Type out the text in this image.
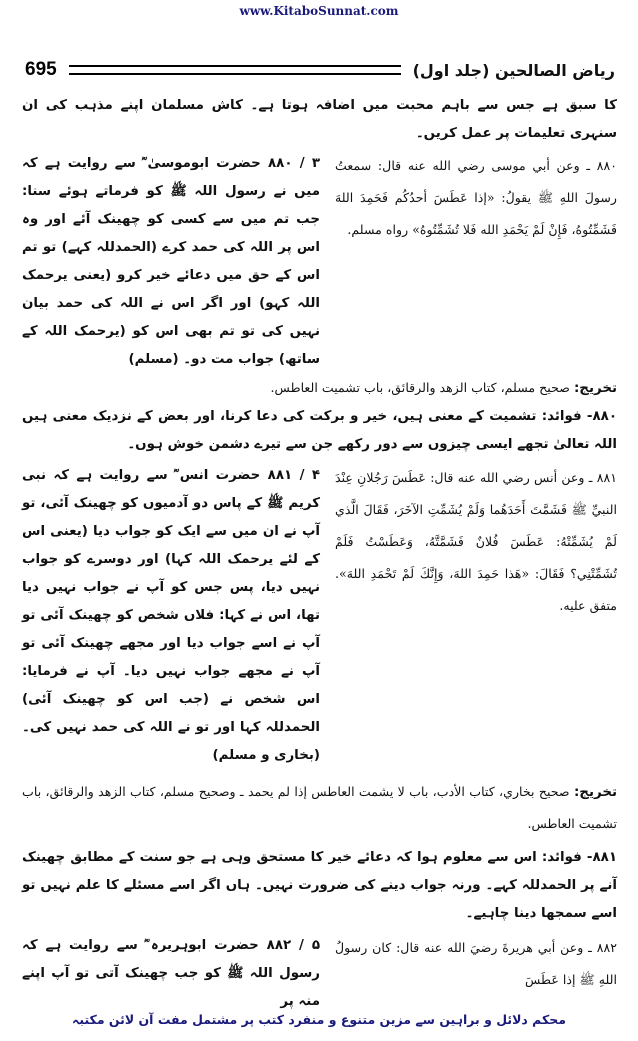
www.KitaboSunnat.com
695	ریاض الصالحین (جلد اول)
کا سبق ہے جس سے باہم محبت میں اضافہ ہوتا ہے۔ کاش مسلمان اپنے مذہب کی ان سنہری تعلیمات پر عمل کریں۔
۳ / ۸۸۰ حضرت ابوموسیٰ ؓ سے روایت ہے کہ میں نے رسول اللہ ﷺ کو فرماتے ہوئے سنا: جب تم میں سے کسی کو چھینک آئے اور وہ اس پر اللہ کی حمد کرے (الحمدللہ کہے) تو تم اس کے حق میں دعائے خیر کرو (یعنی یرحمک اللہ کہو) اور اگر اس نے اللہ کی حمد بیان نہیں کی تو تم بھی اس کو (یرحمک اللہ کے ساتھ) جواب مت دو۔ (مسلم)
٨٨٠ ـ وعن أبي موسى رضي الله عنه قال: سمعتُ رسولَ اللهِ ﷺ يقولُ: «إذا عَطَسَ أحدُكُم فَحَمِدَ اللهَ فَشَمِّتُوهُ، فَإِنْ لَمْ يَحْمَدِ الله فَلا تُشَمِّتُوهُ» رواه مسلم.
تخریج: صحيح مسلم، كتاب الزهد والرقائق، باب تشميت العاطس.
۸۸۰- فوائد: تشمیت کے معنی ہیں، خیر و برکت کی دعا کرنا، اور بعض کے نزدیک معنی ہیں اللہ تعالیٰ تجھے ایسی چیزوں سے دور رکھے جن سے تیرے دشمن خوش ہوں۔
۴ / ۸۸۱ حضرت انس ؓ سے روایت ہے کہ نبی کریم ﷺ کے پاس دو آدمیوں کو چھینک آئی، تو آپ نے ان میں سے ایک کو جواب دیا (یعنی اس کے لئے یرحمک اللہ کہا) اور دوسرے کو جواب نہیں دیا، پس جس کو آپ نے جواب نہیں دیا تھا، اس نے کہا: فلاں شخص کو چھینک آئی تو آپ نے اسے جواب دیا اور مجھے چھینک آئی تو آپ نے مجھے جواب نہیں دیا۔ آپ نے فرمایا: اس شخص نے (جب اس کو چھینک آئی) الحمدللہ کہا اور تو نے اللہ کی حمد نہیں کی۔ (بخاری و مسلم)
٨٨١ ـ وعن أنس رضي الله عنه قال: عَطَسَ رَجُلانِ عِنْدَ النبيِّ ﷺ فَشَمَّتَ أَحَدَهُما وَلَمْ يُشَمِّتِ الآخَرَ، فَقَالَ الَّذي لَمْ يُشَمِّتْهُ: عَطَسَ فُلانٌ فَشَمَّتَّهُ، وَعَطَسْتُ فَلَمْ تُشَمِّتْنِي؟ فَقَالَ: «هَذا حَمِدَ اللهَ، وَإِنَّكَ لَمْ تَحْمَدِ اللهَ». متفق عليه.
تخریج: صحيح بخاري، كتاب الأدب، باب لا يشمت العاطس إذا لم يحمد ـ وصحيح مسلم، كتاب الزهد والرقائق، باب تشميت العاطس.
۸۸۱- فوائد: اس سے معلوم ہوا کہ دعائے خیر کا مستحق وہی ہے جو سنت کے مطابق چھینک آنے پر الحمدللہ کہے۔ ورنہ جواب دینے کی ضرورت نہیں۔ ہاں اگر اسے مسئلے کا علم نہیں تو اسے سمجھا دینا چاہیے۔
۵ / ۸۸۲ حضرت ابوہریرہ ؓ سے روایت ہے کہ رسول اللہ ﷺ کو جب چھینک آتی تو آپ اپنے منہ پر
٨٨٢ ـ وعن أبي هريرةَ رضيَ الله عنه قال: كان رسولُ اللهِ ﷺ إذا عَطَسَ
محکم دلائل و براہین سے مزین متنوع و منفرد کتب پر مشتمل مفت آن لائن مکتبہ
